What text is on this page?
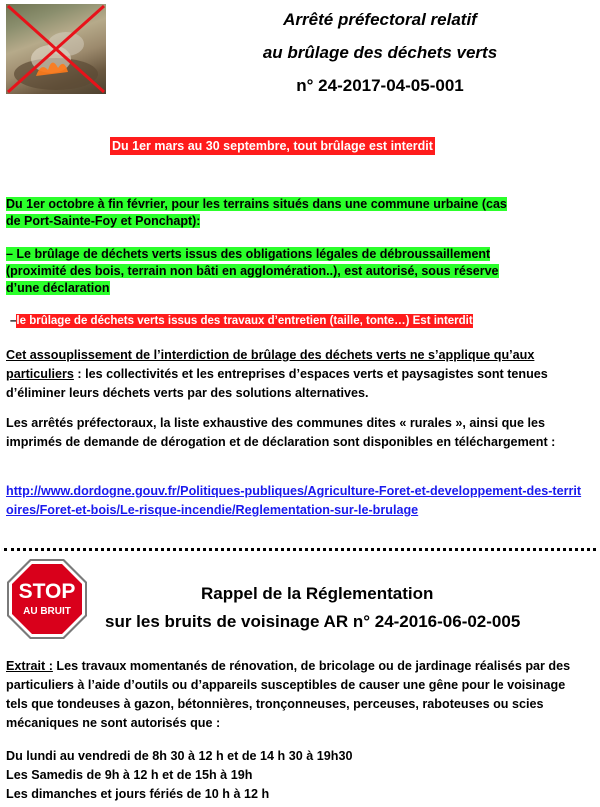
Arrêté préfectoral relatif
au brûlage des déchets verts
n° 24-2017-04-05-001
Du 1er mars au 30 septembre, tout brûlage est interdit
Du 1er octobre à fin février, pour les terrains situés dans une commune urbaine (cas
de Port-Sainte-Foy et Ponchapt):
– Le brûlage de déchets verts issus des obligations légales de débroussaillement
(proximité des bois, terrain non bâti en agglomération..), est autorisé, sous réserve
d’une déclaration
–le brûlage de déchets verts issus des travaux d’entretien (taille, tonte…) Est interdit
Cet assouplissement de l’interdiction de brûlage des déchets verts ne s’applique qu’aux particuliers : les collectivités et les entreprises d’espaces verts et paysagistes sont tenues d’éliminer leurs déchets verts par des solutions alternatives.
Les arrêtés préfectoraux, la liste exhaustive des communes dites « rurales », ainsi que les imprimés de demande de dérogation et de déclaration sont disponibles en téléchargement :
http://www.dordogne.gouv.fr/Politiques-publiques/Agriculture-Foret-et-developpement-des-territoires/Foret-et-bois/Le-risque-incendie/Reglementation-sur-le-brulage
STOP
AU BRUIT
Rappel de la Réglementation
sur les bruits de voisinage AR n° 24-2016-06-02-005
Extrait : Les travaux momentanés de rénovation, de bricolage ou de jardinage réalisés par des particuliers à l’aide d’outils ou d’appareils susceptibles de causer une gêne pour le voisinage tels que tondeuses à gazon, bétonnières, tronçonneuses, perceuses, raboteuses ou scies mécaniques ne sont autorisés que :
Du lundi au vendredi de 8h 30 à 12 h et de 14 h 30 à 19h30
Les Samedis de 9h à 12 h et de 15h à 19h
Les dimanches et jours fériés de 10 h à 12 h
